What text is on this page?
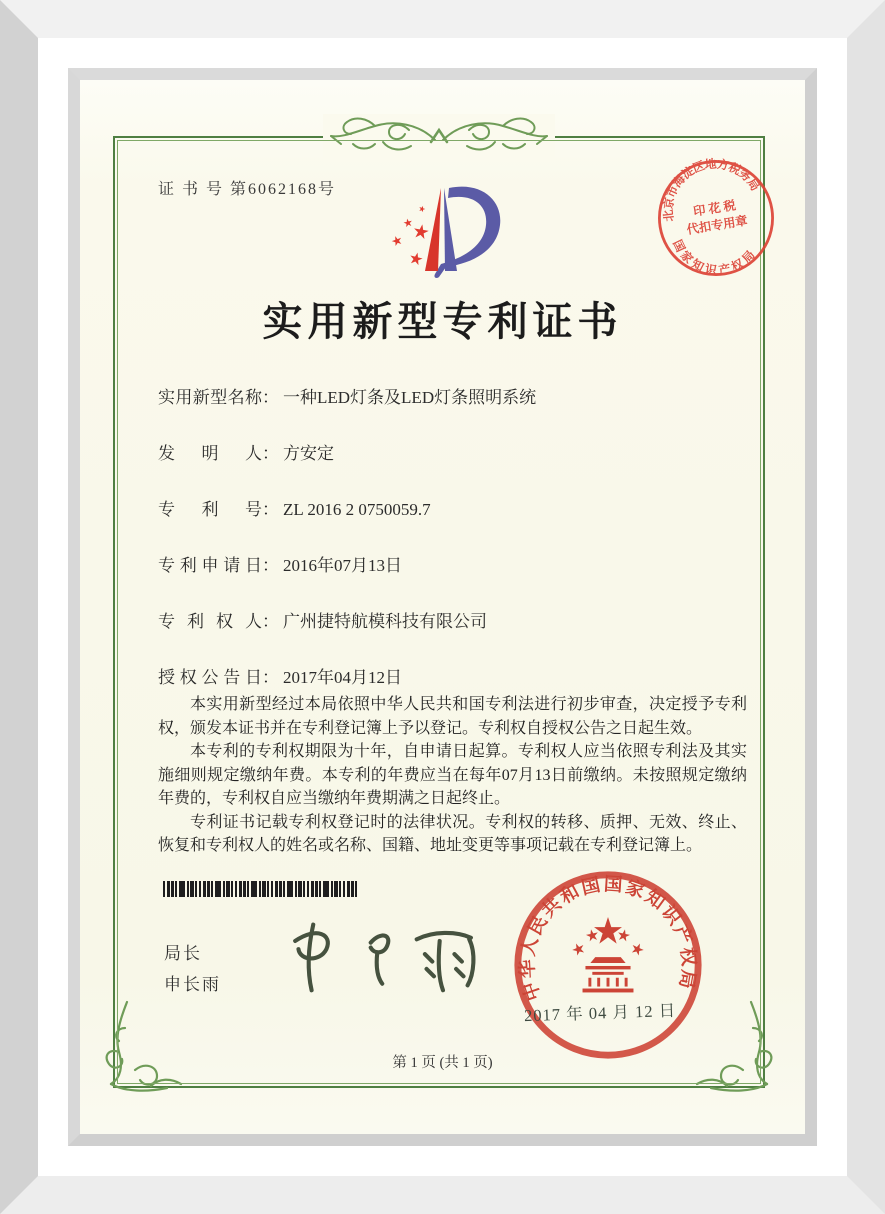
证 书 号 第6062168号
实用新型专利证书
实用新型名称： 一种LED灯条及LED灯条照明系统
发明人： 方安定
专利号： ZL 2016 2 0750059.7
专利申请日： 2016年07月13日
专利权人： 广州捷特航模科技有限公司
授权公告日： 2017年04月12日

本实用新型经过本局依照中华人民共和国专利法进行初步审查，决定授予专利权，颁发本证书并在专利登记簿上予以登记。专利权自授权公告之日起生效。

本专利的专利权期限为十年，自申请日起算。专利权人应当依照专利法及其实施细则规定缴纳年费。本专利的年费应当在每年07月13日前缴纳。未按照规定缴纳年费的，专利权自应当缴纳年费期满之日起终止。

专利证书记载专利权登记时的法律状况。专利权的转移、质押、无效、终止、恢复和专利权人的姓名或名称、国籍、地址变更等事项记载在专利登记簿上。

局长
申长雨
北京市海淀区地方税务局
国家知识产权局
印 花 税
代扣专用章
中华人民共和国国家知识产权局
2017 年 04 月 12 日
第 1 页 (共 1 页)
